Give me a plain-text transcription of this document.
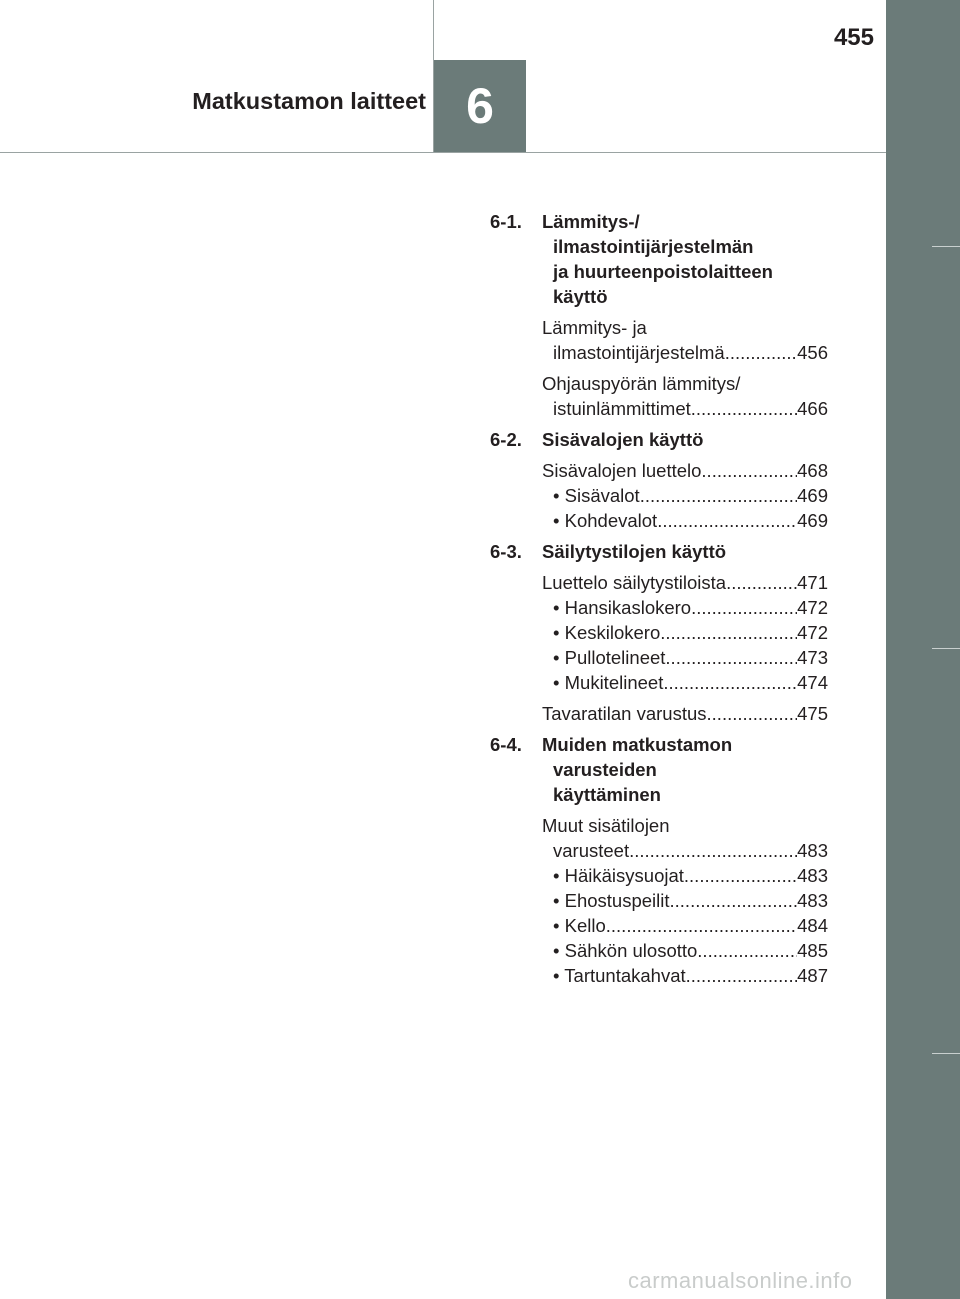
Matkustamon laitteet 6
455
6-1.	Lämmitys-/
ilmastointijärjestelmän
ja huurteenpoistolaitteen
käyttö
Lämmitys- ja
ilmastointijärjestelmä .....	456
Ohjauspyörän lämmitys/
istuinlämmittimet .....	466
6-2.	Sisävalojen käyttö
Sisävalojen luettelo .....	468
• Sisävalot .....	469
• Kohdevalot .....	469
6-3.	Säilytystilojen käyttö
Luettelo säilytystiloista .....	471
• Hansikaslokero .....	472
• Keskilokero .....	472
• Pullotelineet .....	473
• Mukitelineet .....	474
Tavaratilan varustus .....	475
6-4.	Muiden matkustamon
varusteiden
käyttäminen
Muut sisätilojen
varusteet .....	483
• Häikäisysuojat .....	483
• Ehostuspeilit .....	483
• Kello .....	484
• Sähkön ulosotto .....	485
• Tartuntakahvat .....	487
carmanualsonline.info
